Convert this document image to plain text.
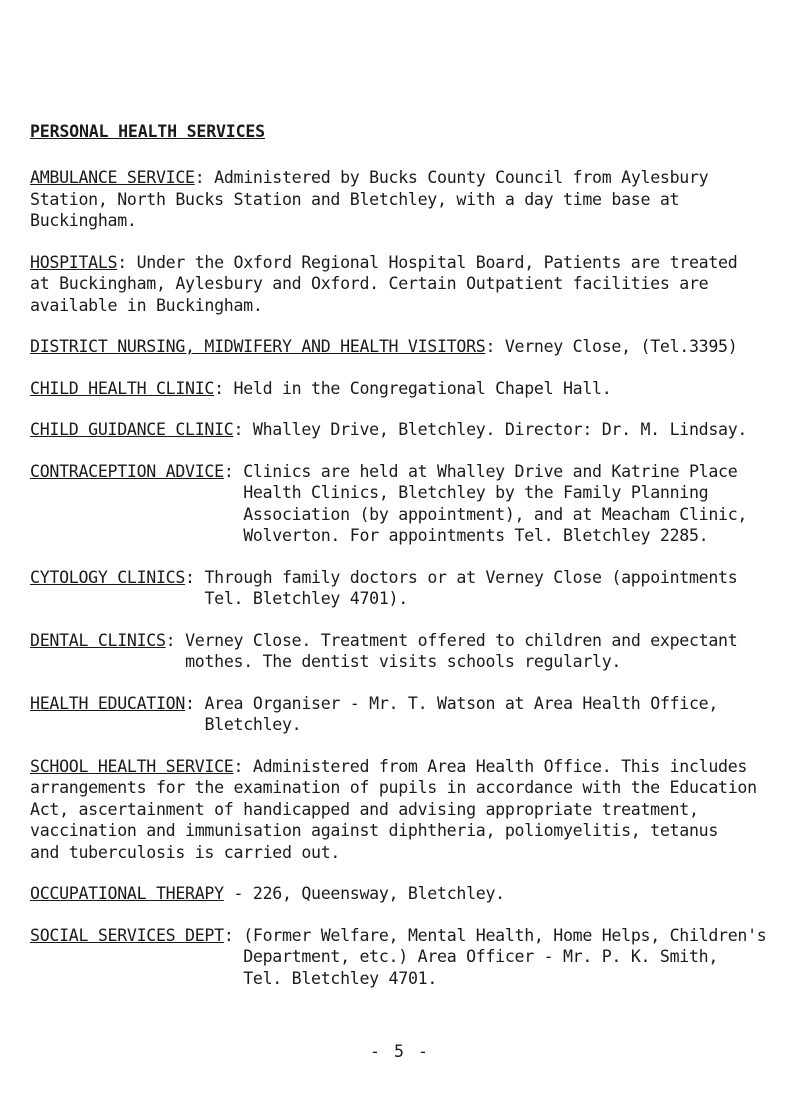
PERSONAL HEALTH SERVICES
AMBULANCE SERVICE: Administered by Bucks County Council from Aylesbury
Station, North Bucks Station and Bletchley, with a day time base at
Buckingham.
HOSPITALS: Under the Oxford Regional Hospital Board, Patients are treated
at Buckingham, Aylesbury and Oxford. Certain Outpatient facilities are
available in Buckingham.
DISTRICT NURSING, MIDWIFERY AND HEALTH VISITORS: Verney Close, (Tel.3395)
CHILD HEALTH CLINIC: Held in the Congregational Chapel Hall.
CHILD GUIDANCE CLINIC: Whalley Drive, Bletchley. Director: Dr. M. Lindsay.
CONTRACEPTION ADVICE: Clinics are held at Whalley Drive and Katrine Place
Health Clinics, Bletchley by the Family Planning
Association (by appointment), and at Meacham Clinic,
Wolverton. For appointments Tel. Bletchley 2285.
CYTOLOGY CLINICS: Through family doctors or at Verney Close (appointments
Tel. Bletchley 4701).
DENTAL CLINICS: Verney Close. Treatment offered to children and expectant
mothes. The dentist visits schools regularly.
HEALTH EDUCATION: Area Organiser - Mr. T. Watson at Area Health Office,
Bletchley.
SCHOOL HEALTH SERVICE: Administered from Area Health Office. This includes
arrangements for the examination of pupils in accordance with the Education
Act, ascertainment of handicapped and advising appropriate treatment,
vaccination and immunisation against diphtheria, poliomyelitis, tetanus
and tuberculosis is carried out.
OCCUPATIONAL THERAPY - 226, Queensway, Bletchley.
SOCIAL SERVICES DEPT: (Former Welfare, Mental Health, Home Helps, Children's
Department, etc.) Area Officer - Mr. P. K. Smith,
Tel. Bletchley 4701.
- 5 -
